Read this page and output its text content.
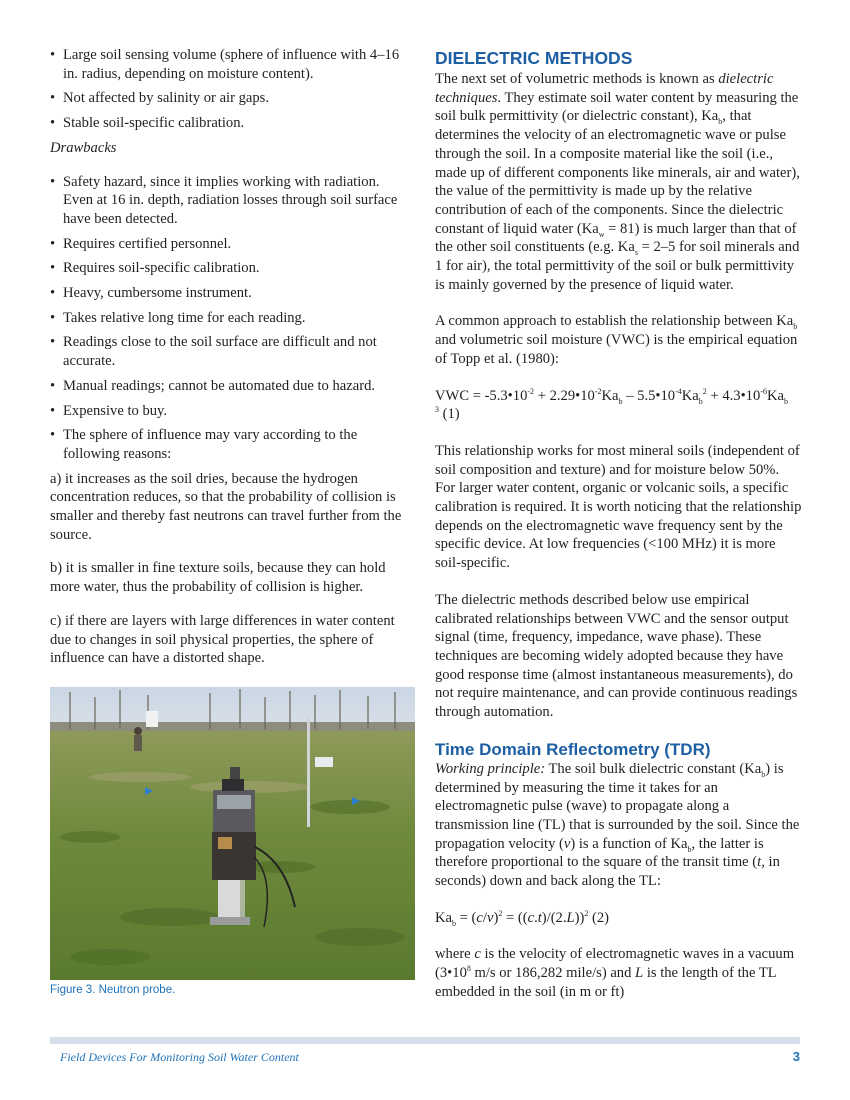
• Large soil sensing volume (sphere of influence with 4–16 in. radius, depending on moisture content).
• Not affected by salinity or air gaps.
• Stable soil-specific calibration.

Drawbacks

• Safety hazard, since it implies working with radiation. Even at 16 in. depth, radiation losses through soil surface have been detected.
• Requires certified personnel.
• Requires soil-specific calibration.
• Heavy, cumbersome instrument.
• Takes relative long time for each reading.
• Readings close to the soil surface are difficult and not accurate.
• Manual readings; cannot be automated due to hazard.
• Expensive to buy.
• The sphere of influence may vary according to the following reasons:

a) it increases as the soil dries, because the hydrogen concentration reduces, so that the probability of collision is smaller and thereby fast neutrons can travel further from the source.

b) it is smaller in fine texture soils, because they can hold more water, thus the probability of collision is higher.

c) if there are layers with large differences in water content due to changes in soil physical properties, the sphere of influence can have a distorted shape.

Figure 3. Neutron probe.
DIELECTRIC METHODS

The next set of volumetric methods is known as dielectric techniques. They estimate soil water content by measuring the soil bulk permittivity (or dielectric constant), $Ka_b$, that determines the velocity of an electromagnetic wave or pulse through the soil. In a composite material like the soil (i.e., made up of different components like minerals, air and water), the value of the permittivity is made up by the relative contribution of each of the components. Since the dielectric constant of liquid water $(Ka_w = 81)$ is much larger than that of the other soil constituents (e.g. $Ka_s = 2-5$ for soil minerals and 1 for air), the total permittivity of the soil or bulk permittivity is mainly governed by the presence of liquid water.

A common approach to establish the relationship between $Ka_b$ and volumetric soil moisture (VWC) is the empirical equation of Topp et al. (1980):

VWC = $-5.3•10^{-2}$ + $2.29•10^{-2}Ka_b$ – $5.5•10^{-4}Ka_b^2$ + $4.3•10^{-6}Ka_b$
$^3$ (1)

This relationship works for most mineral soils (independent of soil composition and texture) and for moisture below 50%. For larger water content, organic or volcanic soils, a specific calibration is required. It is worth noticing that the relationship depends on the electromagnetic wave frequency sent by the specific device. At low frequencies (<100 MHz) it is more soil-specific.

The dielectric methods described below use empirical calibrated relationships between VWC and the sensor output signal (time, frequency, impedance, wave phase). These techniques are becoming widely adopted because they have good response time (almost instantaneous measurements), do not require maintenance, and can provide continuous readings through automation.

Time Domain Reflectometry (TDR)

Working principle: The soil bulk dielectric constant $(Ka_b)$ is determined by measuring the time it takes for an electromagnetic pulse (wave) to propagate along a transmission line (TL) that is surrounded by the soil. Since the propagation velocity (v) is a function of $Ka_b$, the latter is therefore proportional to the square of the transit time (t, in seconds) down and back along the TL:

$Ka_b = (c/v)^2 = ((c.t)/(2.L))^2$ (2)

where c is the velocity of electromagnetic waves in a vacuum ($3•10^8$ m/s or 186,282 mile/s) and L is the length of the TL embedded in the soil (in m or ft)

Field Devices For Monitoring Soil Water Content	3
